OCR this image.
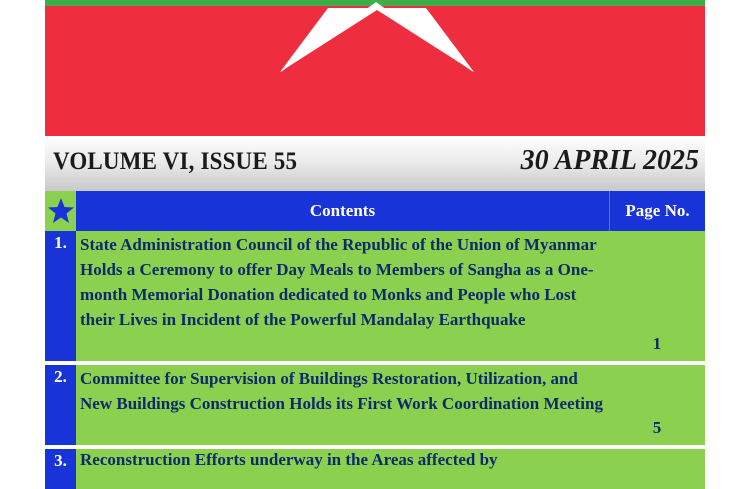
VOLUME VI, ISSUE 55	30 APRIL 2025
Contents	Page No.
1. State Administration Council of the Republic of the Union of Myanmar Holds a Ceremony to offer Day Meals to Members of Sangha as a One-month Memorial Donation dedicated to Monks and People who Lost their Lives in Incident of the Powerful Mandalay Earthquake
1
2. Committee for Supervision of Buildings Restoration, Utilization, and New Buildings Construction Holds its First Work Coordination Meeting
5
3. Reconstruction Efforts underway in the Areas affected by
